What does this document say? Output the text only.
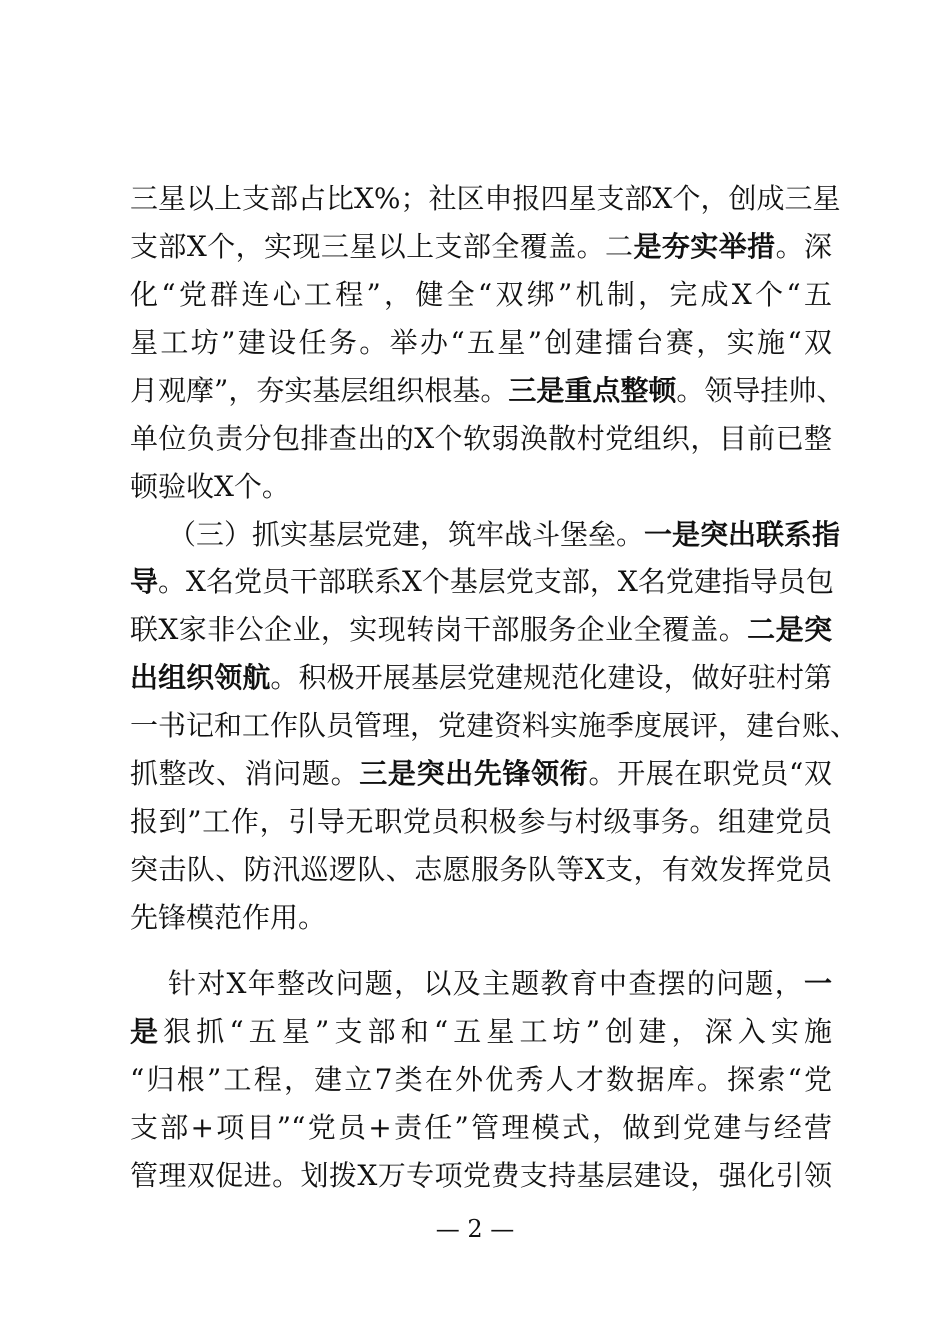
三星以上支部占比X%；社区申报四星支部X个，创成三星
支部X个，实现三星以上支部全覆盖。二是夯实举措。深
化“党群连心工程”，健全“双绑”机制，完成X个“五
星工坊”建设任务。举办“五星”创建擂台赛，实施“双
月观摩”，夯实基层组织根基。三是重点整顿。领导挂帅、
单位负责分包排查出的X个软弱涣散村党组织，目前已整
顿验收X个。
（三）抓实基层党建，筑牢战斗堡垒。一是突出联系指
导。X名党员干部联系X个基层党支部，X名党建指导员包
联X家非公企业，实现转岗干部服务企业全覆盖。二是突
出组织领航。积极开展基层党建规范化建设，做好驻村第
一书记和工作队员管理，党建资料实施季度展评，建台账、
抓整改、消问题。三是突出先锋领衔。开展在职党员“双
报到”工作，引导无职党员积极参与村级事务。组建党员
突击队、防汛巡逻队、志愿服务队等X支，有效发挥党员
先锋模范作用。
针对X年整改问题，以及主题教育中查摆的问题，一
是狠抓“五星”支部和“五星工坊”创建，深入实施
“归根”工程，建立7类在外优秀人才数据库。探索“党
支部+项目”“党员+责任”管理模式，做到党建与经营
管理双促进。划拨X万专项党费支持基层建设，强化引领
— 2 —
